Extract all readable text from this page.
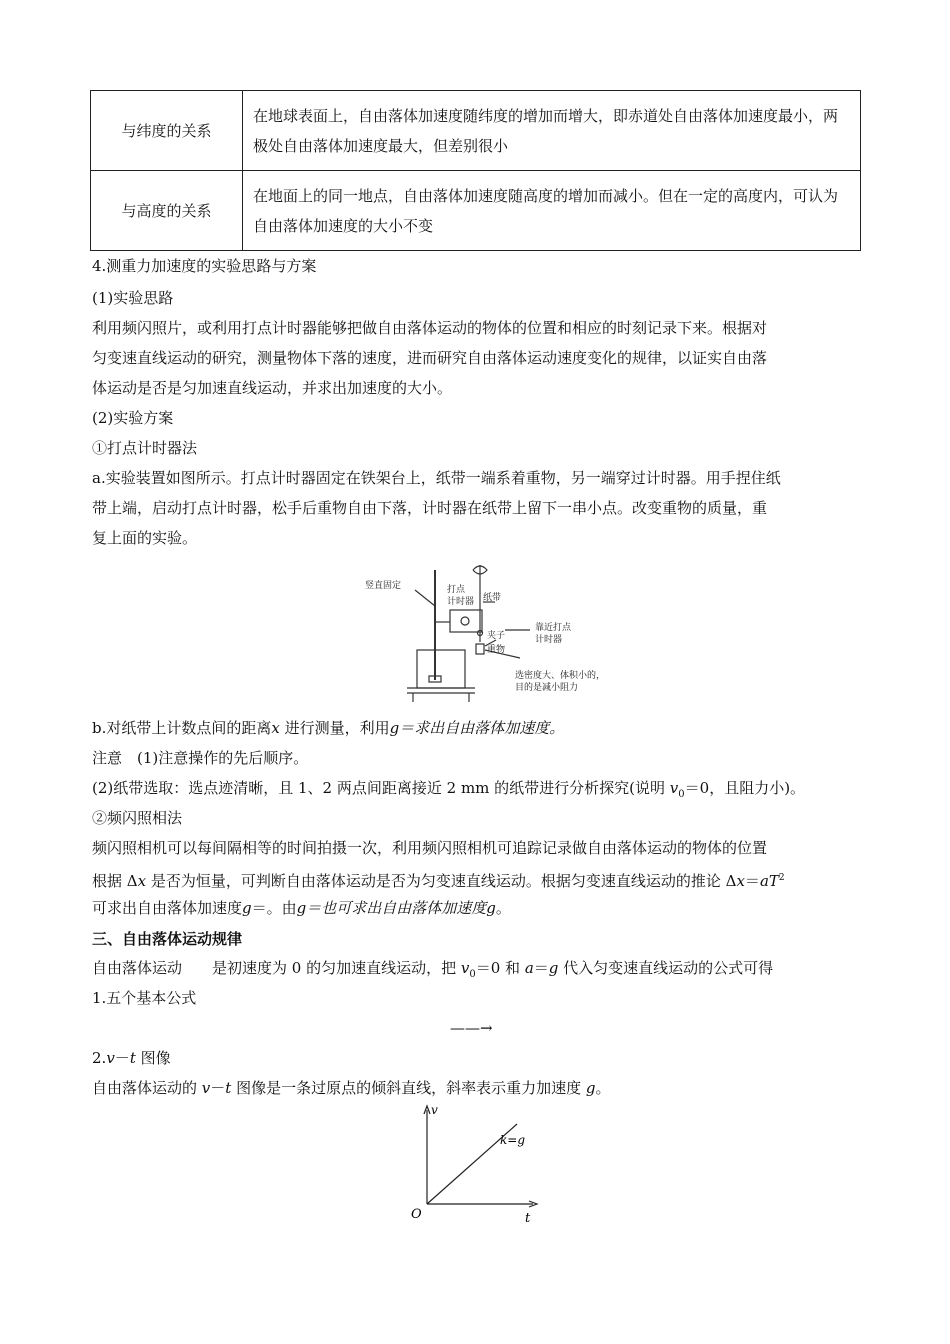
与纬度的关系	在地球表面上，自由落体加速度随纬度的增加而增大，即赤道处自由落体加速度最小，两极处自由落体加速度最大，但差别很小
与高度的关系	在地面上的同一地点，自由落体加速度随高度的增加而减小。但在一定的高度内，可认为自由落体加速度的大小不变
4.测重力加速度的实验思路与方案
(1)实验思路
利用频闪照片，或利用打点计时器能够把做自由落体运动的物体的位置和相应的时刻记录下来。根据对
匀变速直线运动的研究，测量物体下落的速度，进而研究自由落体运动速度变化的规律，以证实自由落
体运动是否是匀加速直线运动，并求出加速度的大小。
(2)实验方案
①打点计时器法
a.实验装置如图所示。打点计时器固定在铁架台上，纸带一端系着重物，另一端穿过计时器。用手捏住纸
带上端，启动打点计时器，松手后重物自由下落，计时器在纸带上留下一串小点。改变重物的质量，重
复上面的实验。
竖直固定	打点
计时器 纸带
夹子
重物
靠近打点
计时器
选密度大、体积小的，
目的是减小阻力
b.对纸带上计数点间的距离x 进行测量，利用g＝求出自由落体加速度。
注意　(1)注意操作的先后顺序。
(2)纸带选取：选点迹清晰，且 1、2 两点间距离接近 2 mm 的纸带进行分析探究(说明 $v_0=0$，且阻力小)。
②频闪照相法
频闪照相机可以每间隔相等的时间拍摄一次，利用频闪照相机可追踪记录做自由落体运动的物体的位置
根据 Δx 是否为恒量，可判断自由落体运动是否为匀变速直线运动。根据匀变速直线运动的推论 $\Delta x=aT^2$
可求出自由落体加速度g＝。由g＝也可求出自由落体加速度g。
三、自由落体运动规律
自由落体运动　　是初速度为 0 的匀加速直线运动，把 $v_0=0$ 和 a＝g 代入匀变速直线运动的公式可得
1.五个基本公式
——→
2.v－t 图像
自由落体运动的 v－t 图像是一条过原点的倾斜直线，斜率表示重力加速度 g。
v
t
O
k=g
